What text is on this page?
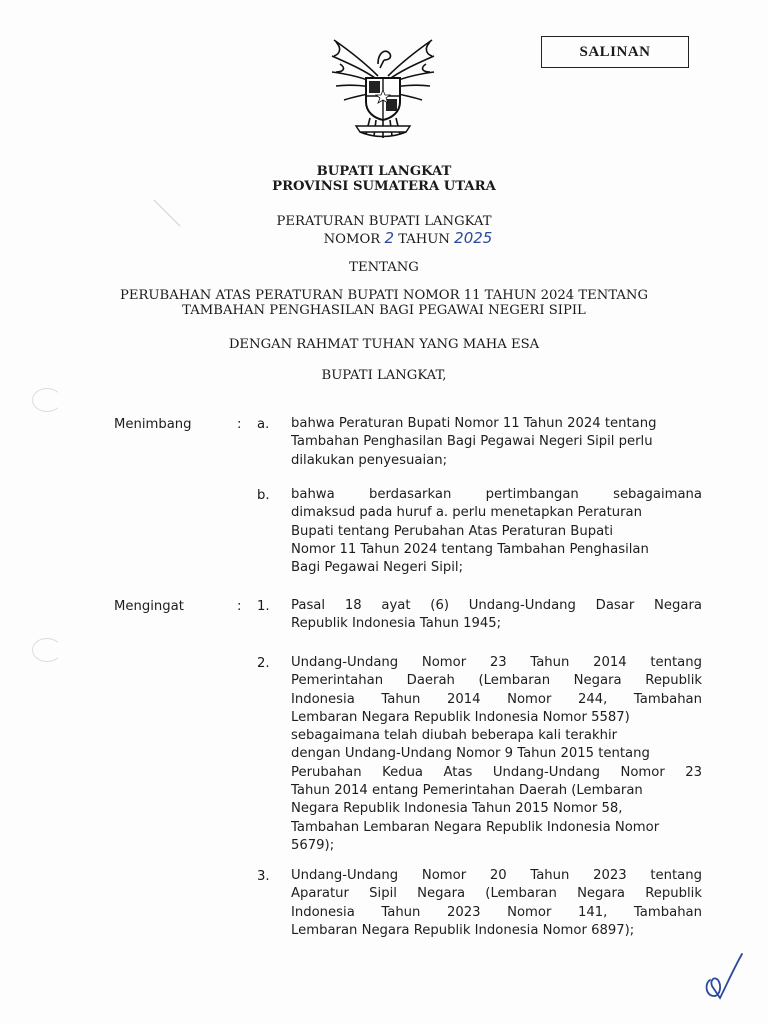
SALINAN
BUPATI LANGKAT
PROVINSI SUMATERA UTARA
PERATURAN BUPATI LANGKAT
NOMOR 2 TAHUN 2025
TENTANG
PERUBAHAN ATAS PERATURAN BUPATI NOMOR 11 TAHUN 2024 TENTANG
TAMBAHAN PENGHASILAN BAGI PEGAWAI NEGERI SIPIL
DENGAN RAHMAT TUHAN YANG MAHA ESA
BUPATI LANGKAT,
Menimbang	: a. bahwa Peraturan Bupati Nomor 11 Tahun 2024 tentang
Tambahan Penghasilan Bagi Pegawai Negeri Sipil perlu
dilakukan penyesuaian;
b. bahwa berdasarkan pertimbangan sebagaimana
dimaksud pada huruf a. perlu menetapkan Peraturan
Bupati tentang Perubahan Atas Peraturan Bupati
Nomor 11 Tahun 2024 tentang Tambahan Penghasilan
Bagi Pegawai Negeri Sipil;
Mengingat	: 1. Pasal 18 ayat (6) Undang-Undang Dasar Negara
Republik Indonesia Tahun 1945;
2. Undang-Undang Nomor 23 Tahun 2014 tentang
Pemerintahan Daerah (Lembaran Negara Republik
Indonesia Tahun 2014 Nomor 244, Tambahan
Lembaran Negara Republik Indonesia Nomor 5587)
sebagaimana telah diubah beberapa kali terakhir
dengan Undang-Undang Nomor 9 Tahun 2015 tentang
Perubahan Kedua Atas Undang-Undang Nomor 23
Tahun 2014 entang Pemerintahan Daerah (Lembaran
Negara Republik Indonesia Tahun 2015 Nomor 58,
Tambahan Lembaran Negara Republik Indonesia Nomor
5679);
3. Undang-Undang Nomor 20 Tahun 2023 tentang
Aparatur Sipil Negara (Lembaran Negara Republik
Indonesia Tahun 2023 Nomor 141, Tambahan
Lembaran Negara Republik Indonesia Nomor 6897);
